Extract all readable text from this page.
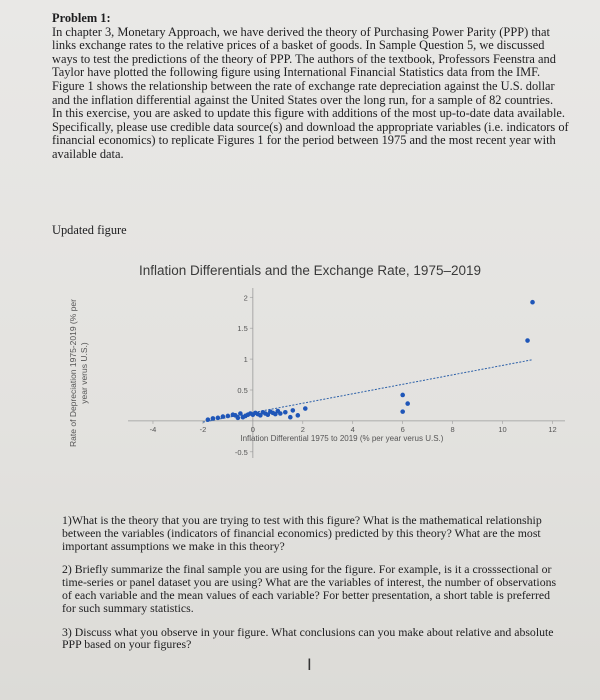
Problem 1:

In chapter 3, Monetary Approach, we have derived the theory of Purchasing Power Parity (PPP) that links exchange rates to the relative prices of a basket of goods. In Sample Question 5, we discussed ways to test the predictions of the theory of PPP. The authors of the textbook, Professors Feenstra and Taylor have plotted the following figure using International Financial Statistics data from the IMF. Figure 1 shows the relationship between the rate of exchange rate depreciation against the U.S. dollar and the inflation differential against the United States over the long run, for a sample of 82 countries.

In this exercise, you are asked to update this figure with additions of the most up-to-date data available. Specifically, please use credible data source(s) and download the appropriate variables (i.e. indicators of financial economics) to replicate Figures 1 for the period between 1975 and the most recent year with available data.

Updated figure
Inflation Differentials and the Exchange Rate, 1975–2019
Rate of Depreciation 1975-2019 (% peryear verus U.S.)
Inflation Differential 1975 to 2019 (% per year verus U.S.)
-4	-2	2	4	6	8	10	12
0
-0.5
0.5
1
1.5
2

1)What is the theory that you are trying to test with this figure? What is the mathematical relationship between the variables (indicators of financial economics) predicted by this theory? What are the most important assumptions we make in this theory?

2) Briefly summarize the final sample you are using for the figure. For example, is it a crosssectional or time-series or panel dataset you are using? What are the variables of interest, the number of observations of each variable and the mean values of each variable? For better presentation, a short table is preferred for such summary statistics.

3) Discuss what you observe in your figure. What conclusions can you make about relative and absolute PPP based on your figures?

I
